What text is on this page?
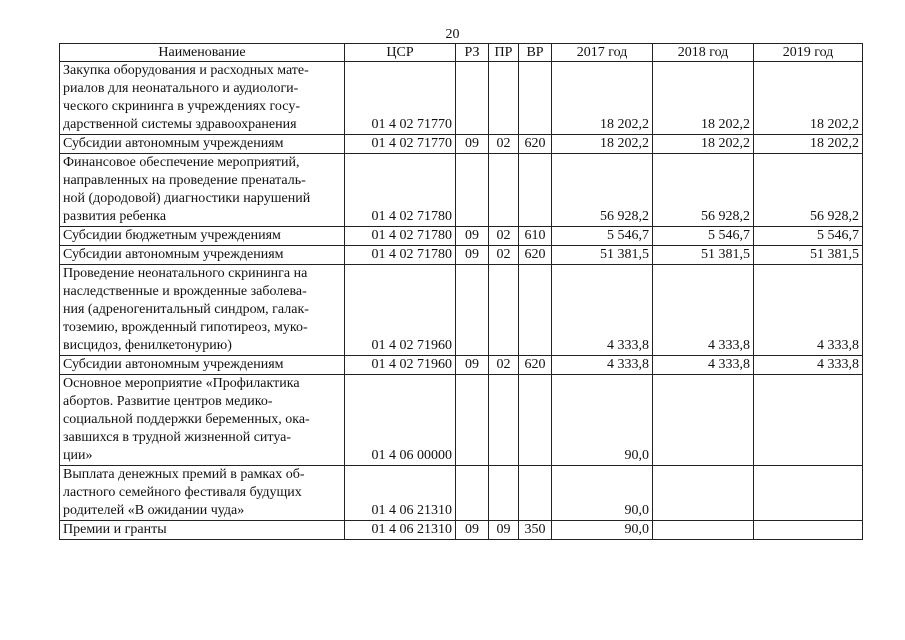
20
Наименование	ЦСР	РЗ	ПР	ВР	2017 год	2018 год	2019 год
Закупка оборудования и расходных мате-
риалов для неонатального и аудиологи-
ческого скрининга в учреждениях госу-
дарственной системы здравоохранения	01 4 02 71770				18 202,2	18 202,2	18 202,2
Субсидии автономным учреждениям	01 4 02 71770	09	02	620	18 202,2	18 202,2	18 202,2
Финансовое обеспечение мероприятий,
направленных на проведение пренаталь-
ной (дородовой) диагностики нарушений
развития ребенка	01 4 02 71780				56 928,2	56 928,2	56 928,2
Субсидии бюджетным учреждениям	01 4 02 71780	09	02	610	5 546,7	5 546,7	5 546,7
Субсидии автономным учреждениям	01 4 02 71780	09	02	620	51 381,5	51 381,5	51 381,5
Проведение неонатального скрининга на
наследственные и врожденные заболева-
ния (адреногенитальный синдром, галак-
тоземию, врожденный гипотиреоз, муко-
висцидоз, фенилкетонурию)	01 4 02 71960				4 333,8	4 333,8	4 333,8
Субсидии автономным учреждениям	01 4 02 71960	09	02	620	4 333,8	4 333,8	4 333,8
Основное мероприятие «Профилактика
абортов. Развитие центров медико-
социальной поддержки беременных, ока-
завшихся в трудной жизненной ситуа-
ции»	01 4 06 00000				90,0		
Выплата денежных премий в рамках об-
ластного семейного фестиваля будущих
родителей «В ожидании чуда»	01 4 06 21310				90,0		
Премии и гранты	01 4 06 21310	09	09	350	90,0		
